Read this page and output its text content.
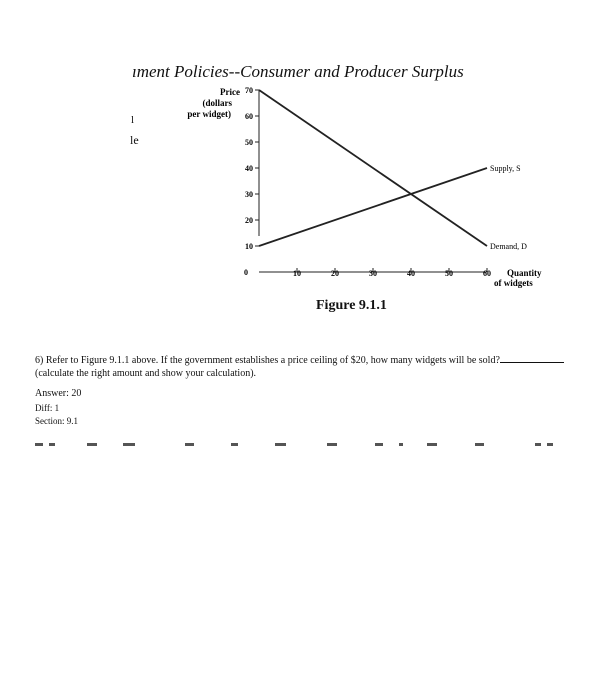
ıment Policies--Consumer and Producer Surplus
l
le
0
10
20
30
40
50
60
70
10	20	30	40	50	60
Price
(dollars
per widget)
Quantity
of widgets
Supply, S
Demand, D
Figure 9.1.1
6) Refer to Figure 9.1.1 above. If the government establishes a price ceiling of $20, how many widgets will be sold?(calculate the right amount and show your calculation).
Answer: 20
Diff: 1
Section: 9.1
